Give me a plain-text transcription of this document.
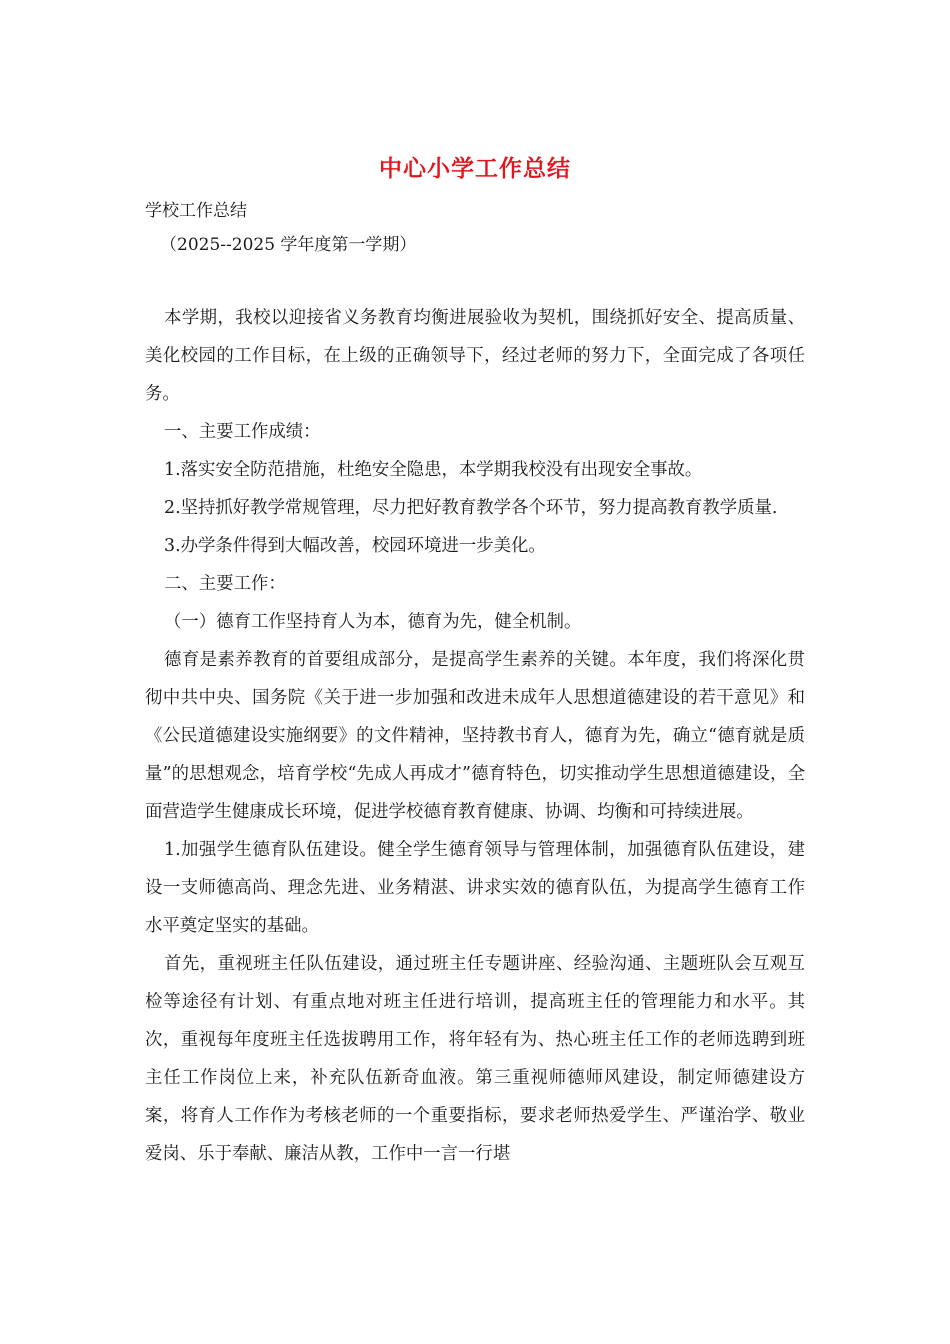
中心小学工作总结
学校工作总结
（2025--2025 学年度第一学期）

本学期，我校以迎接省义务教育均衡进展验收为契机，围绕抓好安全、提高质量、美化校园的工作目标，在上级的正确领导下，经过老师的努力下，全面完成了各项任务。

一、主要工作成绩：

1.落实安全防范措施，杜绝安全隐患，本学期我校没有出现安全事故。

2.坚持抓好教学常规管理，尽力把好教育教学各个环节，努力提高教育教学质量.

3.办学条件得到大幅改善，校园环境进一步美化。

二、主要工作：

（一）德育工作坚持育人为本，德育为先，健全机制。

德育是素养教育的首要组成部分，是提高学生素养的关键。本年度，我们将深化贯彻中共中央、国务院《关于进一步加强和改进未成年人思想道德建设的若干意见》和《公民道德建设实施纲要》的文件精神，坚持教书育人，德育为先，确立“德育就是质量”的思想观念，培育学校“先成人再成才”德育特色，切实推动学生思想道德建设，全面营造学生健康成长环境，促进学校德育教育健康、协调、均衡和可持续进展。

1.加强学生德育队伍建设。健全学生德育领导与管理体制，加强德育队伍建设，建设一支师德高尚、理念先进、业务精湛、讲求实效的德育队伍，为提高学生德育工作水平奠定坚实的基础。

首先，重视班主任队伍建设，通过班主任专题讲座、经验沟通、主题班队会互观互检等途径有计划、有重点地对班主任进行培训，提高班主任的管理能力和水平。其次，重视每年度班主任选拔聘用工作，将年轻有为、热心班主任工作的老师选聘到班主任工作岗位上来，补充队伍新奇血液。第三重视师德师风建设，制定师德建设方案，将育人工作作为考核老师的一个重要指标，要求老师热爱学生、严谨治学、敬业爱岗、乐于奉献、廉洁从教，工作中一言一行堪
